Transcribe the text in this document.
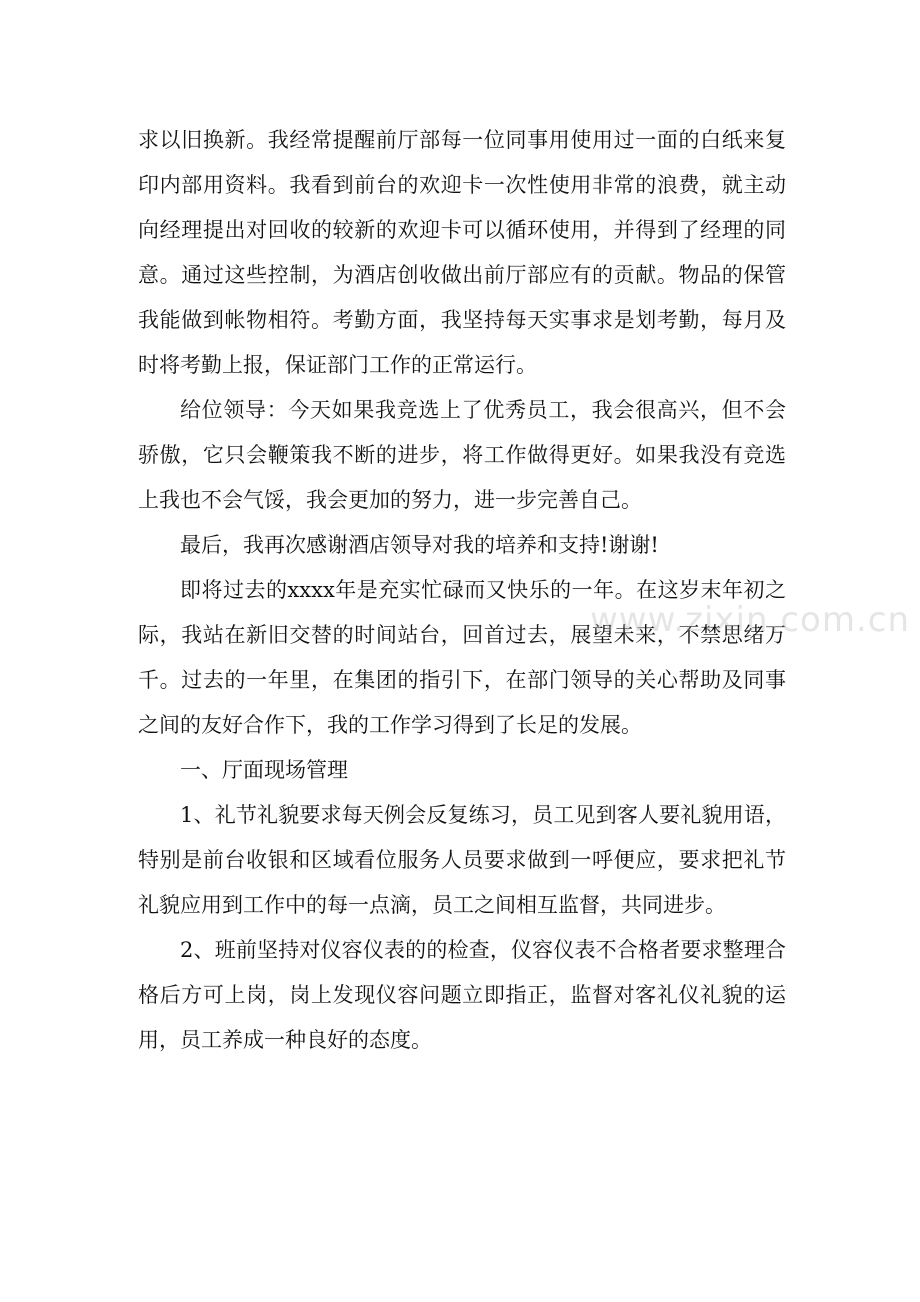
求以旧换新。我经常提醒前厅部每一位同事用使用过一面的白纸来复印内部用资料。我看到前台的欢迎卡一次性使用非常的浪费，就主动向经理提出对回收的较新的欢迎卡可以循环使用，并得到了经理的同意。通过这些控制，为酒店创收做出前厅部应有的贡献。物品的保管我能做到帐物相符。考勤方面，我坚持每天实事求是划考勤，每月及时将考勤上报，保证部门工作的正常运行。

给位领导：今天如果我竞选上了优秀员工，我会很高兴，但不会骄傲，它只会鞭策我不断的进步，将工作做得更好。如果我没有竞选上我也不会气馁，我会更加的努力，进一步完善自己。

最后，我再次感谢酒店领导对我的培养和支持!谢谢!

即将过去的xxxx年是充实忙碌而又快乐的一年。在这岁末年初之际，我站在新旧交替的时间站台，回首过去，展望未来，不禁思绪万千。过去的一年里，在集团的指引下，在部门领导的关心帮助及同事之间的友好合作下，我的工作学习得到了长足的发展。

一、厅面现场管理

1、礼节礼貌要求每天例会反复练习，员工见到客人要礼貌用语，特别是前台收银和区域看位服务人员要求做到一呼便应，要求把礼节礼貌应用到工作中的每一点滴，员工之间相互监督，共同进步。

2、班前坚持对仪容仪表的的检查，仪容仪表不合格者要求整理合格后方可上岗，岗上发现仪容问题立即指正，监督对客礼仪礼貌的运用，员工养成一种良好的态度。

www.zixin.com.cn
